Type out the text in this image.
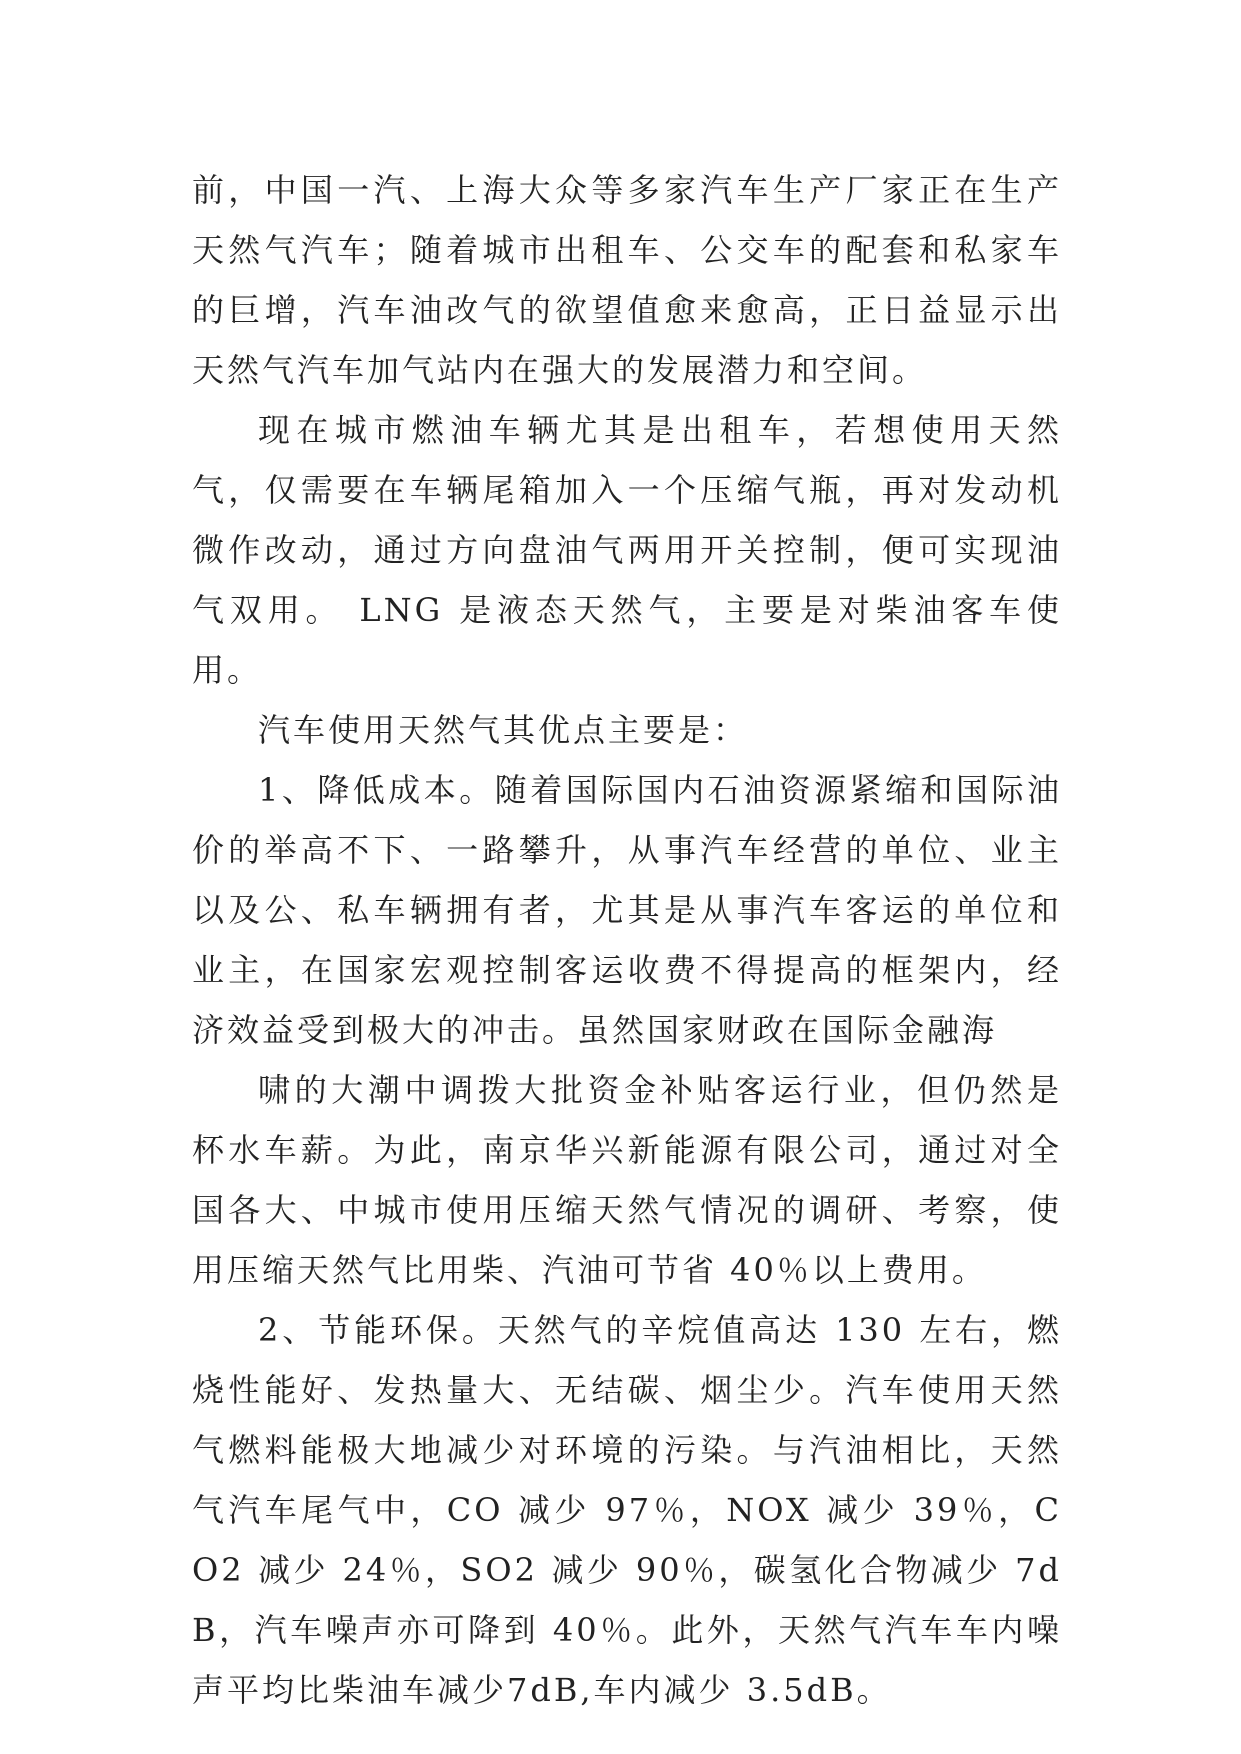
前，中国一汽、上海大众等多家汽车生产厂家正在生产天然气汽车；随着城市出租车、公交车的配套和私家车的巨增，汽车油改气的欲望值愈来愈高，正日益显示出天然气汽车加气站内在强大的发展潜力和空间。

现在城市燃油车辆尤其是出租车，若想使用天然气，仅需要在车辆尾箱加入一个压缩气瓶，再对发动机微作改动，通过方向盘油气两用开关控制，便可实现油气双用。 LNG 是液态天然气，主要是对柴油客车使用。

汽车使用天然气其优点主要是：

1、降低成本。随着国际国内石油资源紧缩和国际油价的举高不下、一路攀升，从事汽车经营的单位、业主以及公、私车辆拥有者，尤其是从事汽车客运的单位和业主，在国家宏观控制客运收费不得提高的框架内，经济效益受到极大的冲击。虽然国家财政在国际金融海

啸的大潮中调拨大批资金补贴客运行业，但仍然是杯水车薪。为此，南京华兴新能源有限公司，通过对全国各大、中城市使用压缩天然气情况的调研、考察，使用压缩天然气比用柴、汽油可节省 40％以上费用。

2、节能环保。天然气的辛烷值高达 130 左右，燃烧性能好、发热量大、无结碳、烟尘少。汽车使用天然气燃料能极大地减少对环境的污染。与汽油相比，天然气汽车尾气中，CO 减少 97％，NOX 减少 39％，CO2 减少 24％，SO2 减少 90％，碳氢化合物减少 7dB，汽车噪声亦可降到 40％。此外，天然气汽车车内噪声平均比柴油车减少7dB,车内减少 3.5dB。
